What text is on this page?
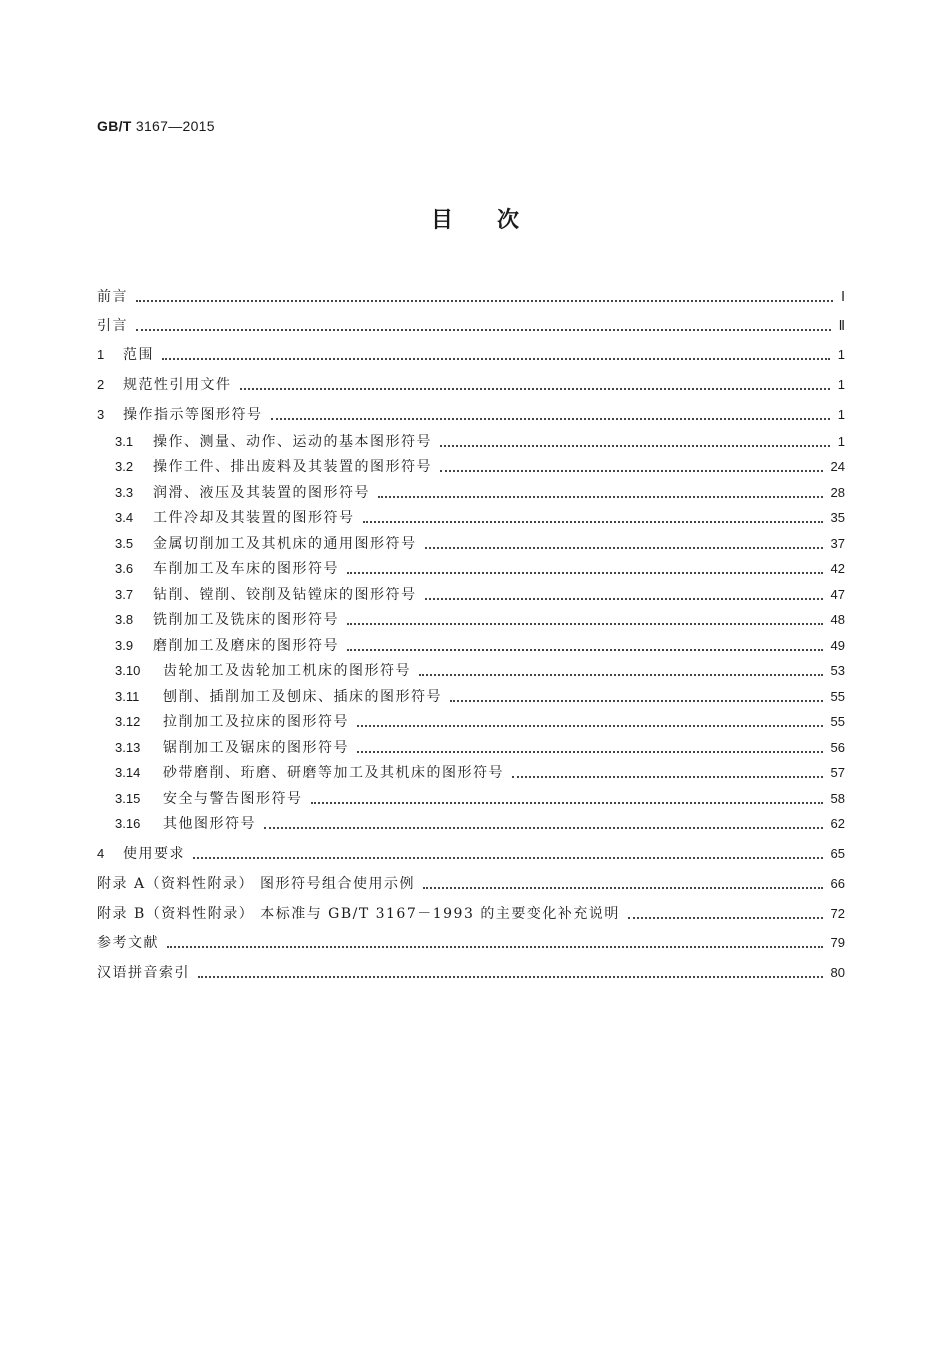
GB/T 3167—2015
目次
前言	Ⅰ
引言	Ⅱ
1	范围	1
2	规范性引用文件	1
3	操作指示等图形符号	1
3.1	操作、测量、动作、运动的基本图形符号	1
3.2	操作工件、排出废料及其装置的图形符号	24
3.3	润滑、液压及其装置的图形符号	28
3.4	工件冷却及其装置的图形符号	35
3.5	金属切削加工及其机床的通用图形符号	37
3.6	车削加工及车床的图形符号	42
3.7	钻削、镗削、铰削及钻镗床的图形符号	47
3.8	铣削加工及铣床的图形符号	48
3.9	磨削加工及磨床的图形符号	49
3.10	齿轮加工及齿轮加工机床的图形符号	53
3.11	刨削、插削加工及刨床、插床的图形符号	55
3.12	拉削加工及拉床的图形符号	55
3.13	锯削加工及锯床的图形符号	56
3.14	砂带磨削、珩磨、研磨等加工及其机床的图形符号	57
3.15	安全与警告图形符号	58
3.16	其他图形符号	62
4	使用要求	65
附录 A（资料性附录） 图形符号组合使用示例	66
附录 B（资料性附录） 本标准与 GB/T 3167－1993 的主要变化补充说明	72
参考文献	79
汉语拼音索引	80
